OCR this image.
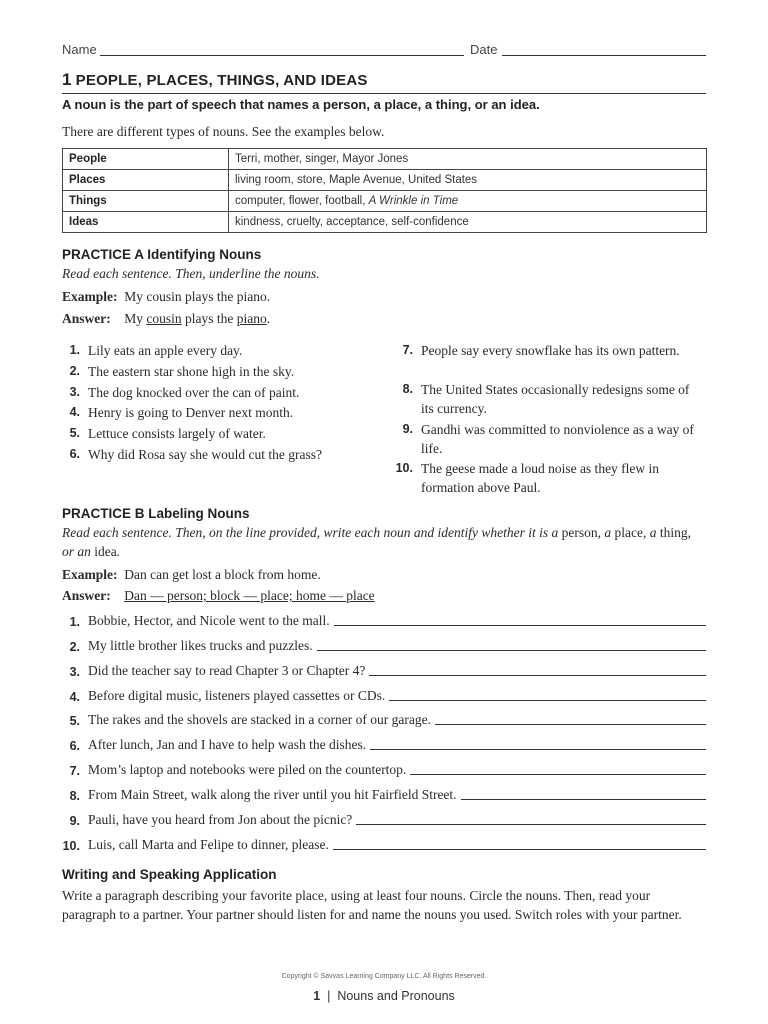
Name	Date
1 PEOPLE, PLACES, THINGS, AND IDEAS
A noun is the part of speech that names a person, a place, a thing, or an idea.
There are different types of nouns. See the examples below.
People	Terri, mother, singer, Mayor Jones
Places	living room, store, Maple Avenue, United States
Things	computer, flower, football, A Wrinkle in Time
Ideas	kindness, cruelty, acceptance, self-confidence
PRACTICE A Identifying Nouns
Read each sentence. Then, underline the nouns.
Example: My cousin plays the piano.
Answer: My cousin plays the piano.
1. Lily eats an apple every day.
2. The eastern star shone high in the sky.
3. The dog knocked over the can of paint.
4. Henry is going to Denver next month.
5. Lettuce consists largely of water.
6. Why did Rosa say she would cut the grass?
7. People say every snowflake has its own pattern.
8. The United States occasionally redesigns some of its currency.
9. Gandhi was committed to nonviolence as a way of life.
10. The geese made a loud noise as they flew in formation above Paul.
PRACTICE B Labeling Nouns
Read each sentence. Then, on the line provided, write each noun and identify whether it is a person, a place, a thing, or an idea.
Example: Dan can get lost a block from home.
Answer: Dan — person; block — place; home — place
1. Bobbie, Hector, and Nicole went to the mall.
2. My little brother likes trucks and puzzles.
3. Did the teacher say to read Chapter 3 or Chapter 4?
4. Before digital music, listeners played cassettes or CDs.
5. The rakes and the shovels are stacked in a corner of our garage.
6. After lunch, Jan and I have to help wash the dishes.
7. Mom’s laptop and notebooks were piled on the countertop.
8. From Main Street, walk along the river until you hit Fairfield Street.
9. Pauli, have you heard from Jon about the picnic?
10. Luis, call Marta and Felipe to dinner, please.
Writing and Speaking Application
Write a paragraph describing your favorite place, using at least four nouns. Circle the nouns. Then, read your paragraph to a partner. Your partner should listen for and name the nouns you used. Switch roles with your partner.
Copyright © Savvas Learning Company LLC. All Rights Reserved.
1 | Nouns and Pronouns
